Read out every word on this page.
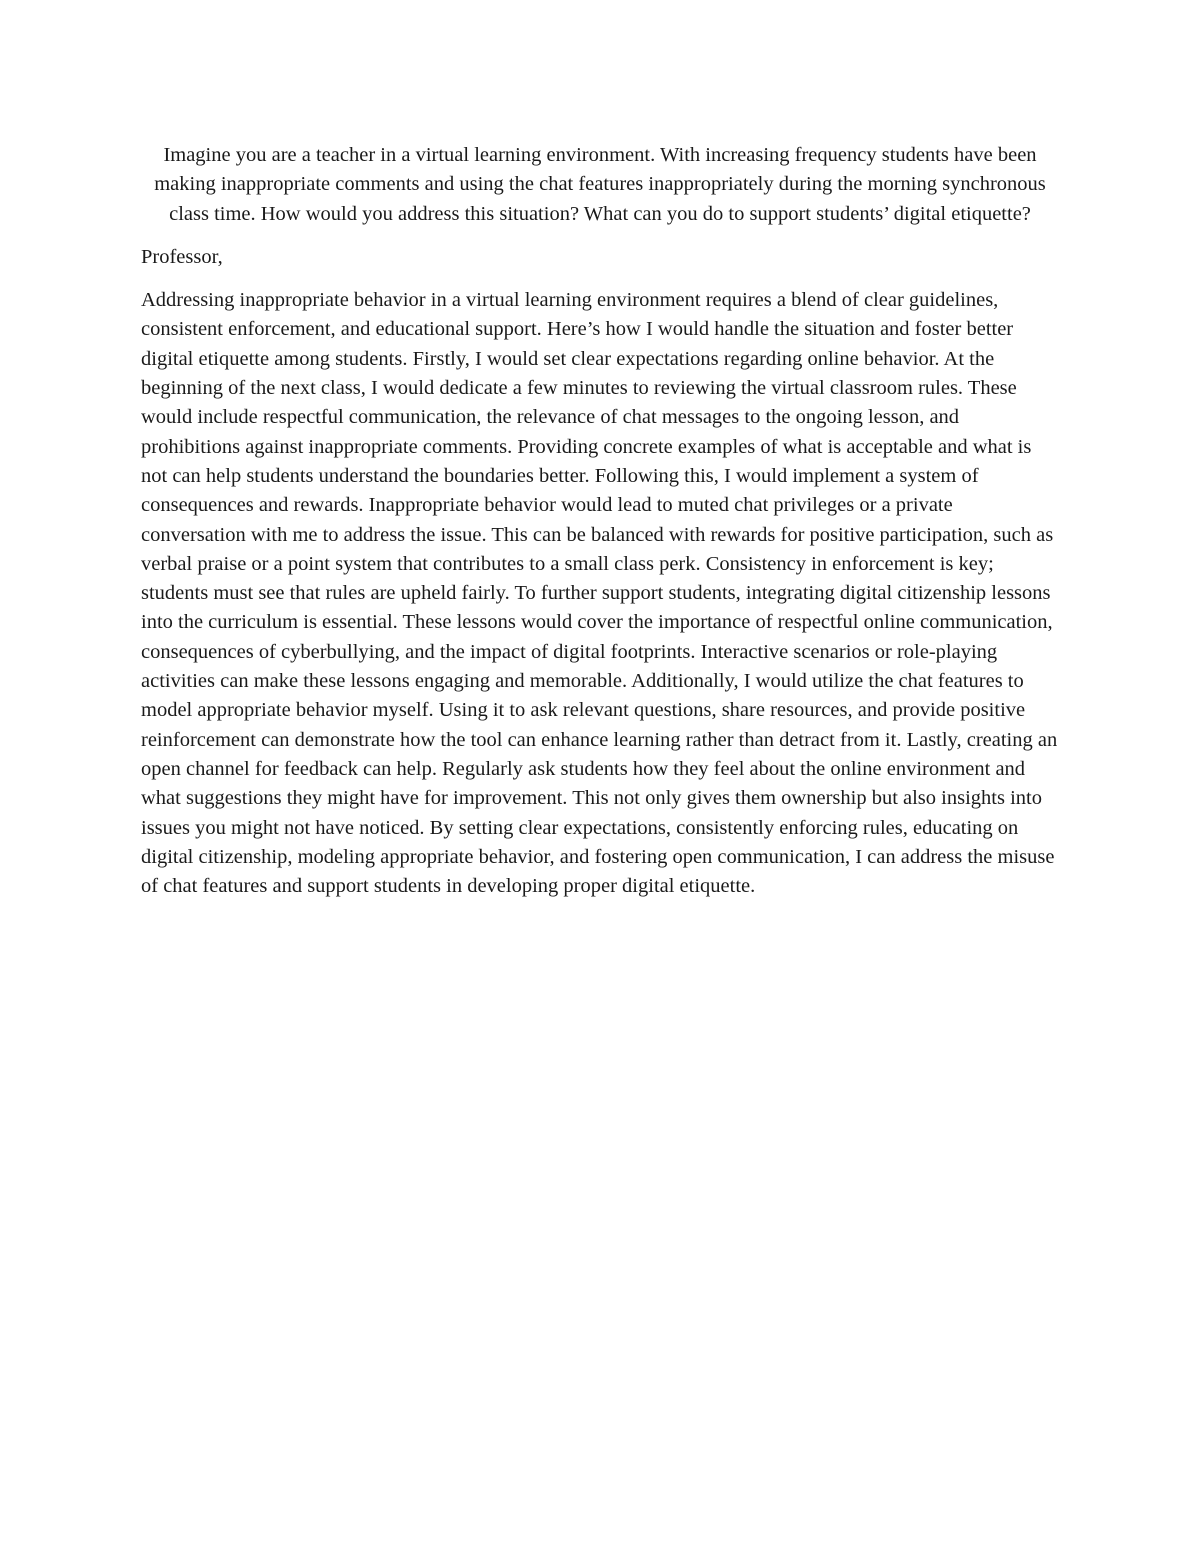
Imagine you are a teacher in a virtual learning environment. With increasing frequency students have been making inappropriate comments and using the chat features inappropriately during the morning synchronous class time. How would you address this situation? What can you do to support students’ digital etiquette?

Professor,

Addressing inappropriate behavior in a virtual learning environment requires a blend of clear guidelines, consistent enforcement, and educational support. Here’s how I would handle the situation and foster better digital etiquette among students. Firstly, I would set clear expectations regarding online behavior. At the beginning of the next class, I would dedicate a few minutes to reviewing the virtual classroom rules. These would include respectful communication, the relevance of chat messages to the ongoing lesson, and prohibitions against inappropriate comments. Providing concrete examples of what is acceptable and what is not can help students understand the boundaries better. Following this, I would implement a system of consequences and rewards. Inappropriate behavior would lead to muted chat privileges or a private conversation with me to address the issue. This can be balanced with rewards for positive participation, such as verbal praise or a point system that contributes to a small class perk. Consistency in enforcement is key; students must see that rules are upheld fairly. To further support students, integrating digital citizenship lessons into the curriculum is essential. These lessons would cover the importance of respectful online communication, consequences of cyberbullying, and the impact of digital footprints. Interactive scenarios or role-playing activities can make these lessons engaging and memorable. Additionally, I would utilize the chat features to model appropriate behavior myself. Using it to ask relevant questions, share resources, and provide positive reinforcement can demonstrate how the tool can enhance learning rather than detract from it. Lastly, creating an open channel for feedback can help. Regularly ask students how they feel about the online environment and what suggestions they might have for improvement. This not only gives them ownership but also insights into issues you might not have noticed. By setting clear expectations, consistently enforcing rules, educating on digital citizenship, modeling appropriate behavior, and fostering open communication, I can address the misuse of chat features and support students in developing proper digital etiquette.
